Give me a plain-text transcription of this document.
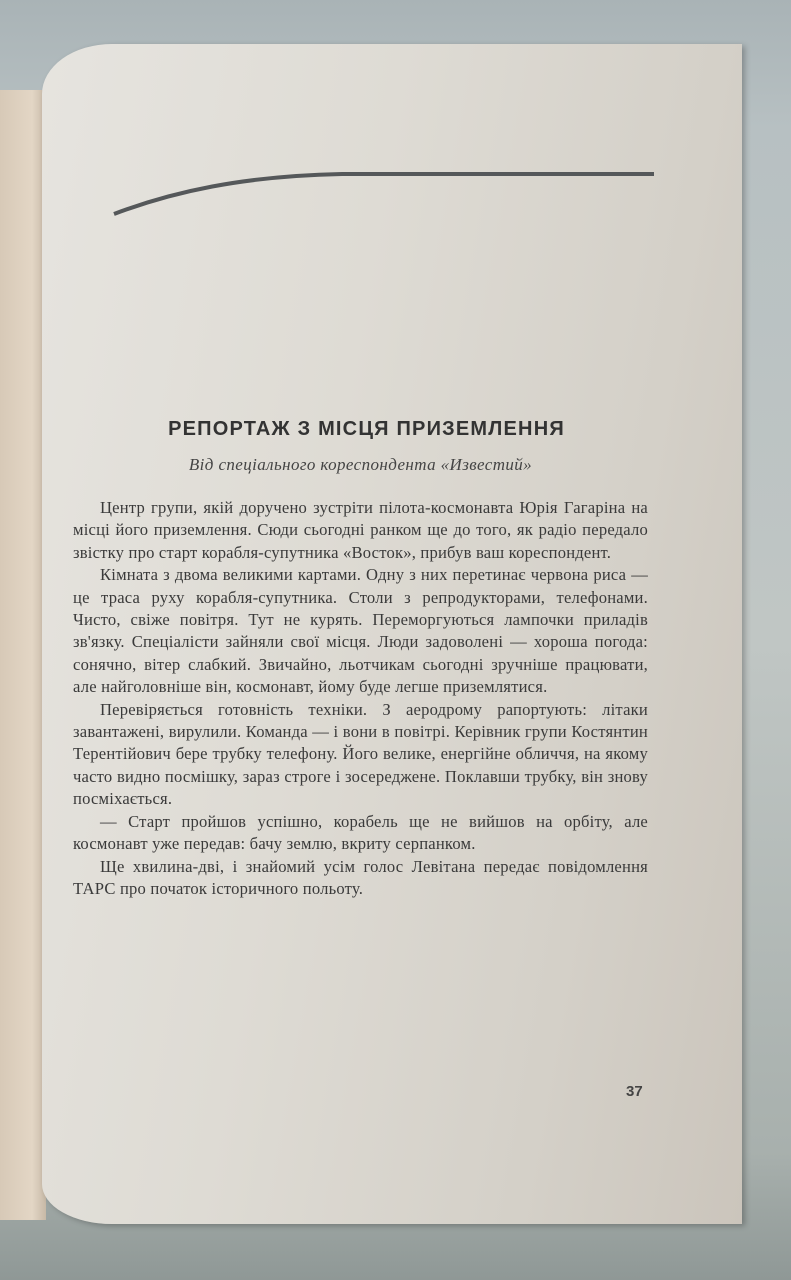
РЕПОРТАЖ З МІСЦЯ ПРИЗЕМЛЕННЯ
Від спеціального кореспондента «Известий»

Центр групи, якій доручено зустріти пілота-космонавта Юрія Гагаріна на місці його приземлення. Сюди сьогодні ранком ще до того, як радіо передало звістку про старт корабля-супутника «Восток», прибув ваш кореспондент.

Кімната з двома великими картами. Одну з них перетинає червона риса — це траса руху корабля-супутника. Столи з репродукторами, телефонами. Чисто, свіже повітря. Тут не курять. Переморгуються лампочки приладів зв'язку. Спеціалісти зайняли свої місця. Люди задоволені — хороша погода: сонячно, вітер слабкий. Звичайно, льотчикам сьогодні зручніше працювати, але найголовніше він, космонавт, йому буде легше приземлятися.

Перевіряється готовність техніки. З аеродрому рапортують: літаки завантажені, вирулили. Команда — і вони в повітрі. Керівник групи Костянтин Терентійович бере трубку телефону. Його велике, енергійне обличчя, на якому часто видно посмішку, зараз строге і зосереджене. Поклавши трубку, він знову посміхається.

— Старт пройшов успішно, корабель ще не вийшов на орбіту, але космонавт уже передав: бачу землю, вкриту серпанком.

Ще хвилина-дві, і знайомий усім голос Левітана передає повідомлення ТАРС про початок історичного польоту.

37
